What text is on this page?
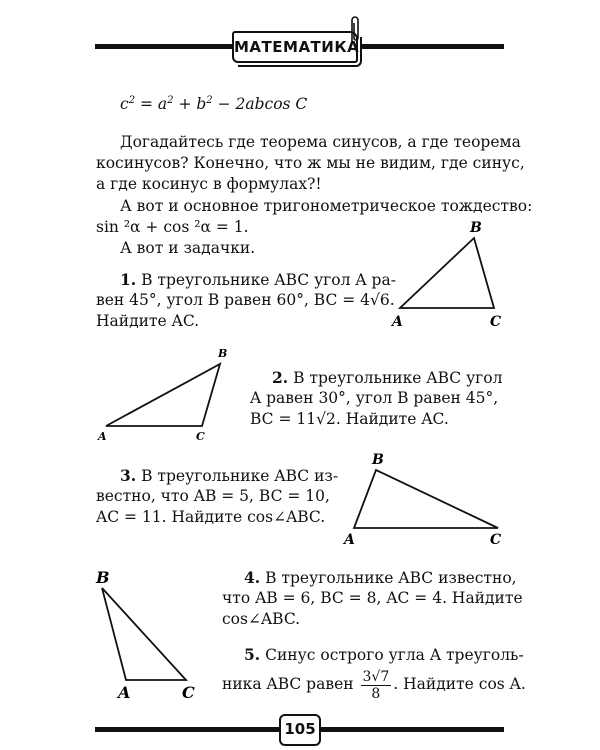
МАТЕМАТИКА
$c^2 = a^2 + b^2 - 2abcos$ C
Догадайтесь где теорема синусов, а где теорема
косинусов? Конечно, что ж мы не видим, где синус,
а где косинус в формулах?!
А вот и основное тригонометрическое тождество:
sin ²α + cos ²α = 1.
А вот и задачки.
1. В треугольнике ABC угол A ра-
вен 45°, угол B равен 60°, BC = 4√6.
Найдите AC.
B
A	C
B
A	C
2. В треугольнике ABC угол
A равен 30°, угол B равен 45°,
BC = 11√2. Найдите AC.
3. В треугольнике ABC из-
вестно, что AB = 5, BC = 10,
AC = 11. Найдите cos∠ABC.
B
A	C
B
A	C
4. В треугольнике ABC известно,
что AB = 6, BC = 8, AC = 4. Найдите
cos∠ABC.
5. Синус острого угла A треуголь-
ника ABC равен $\frac{3√7}{8}$ . Найдите cos A.
105
